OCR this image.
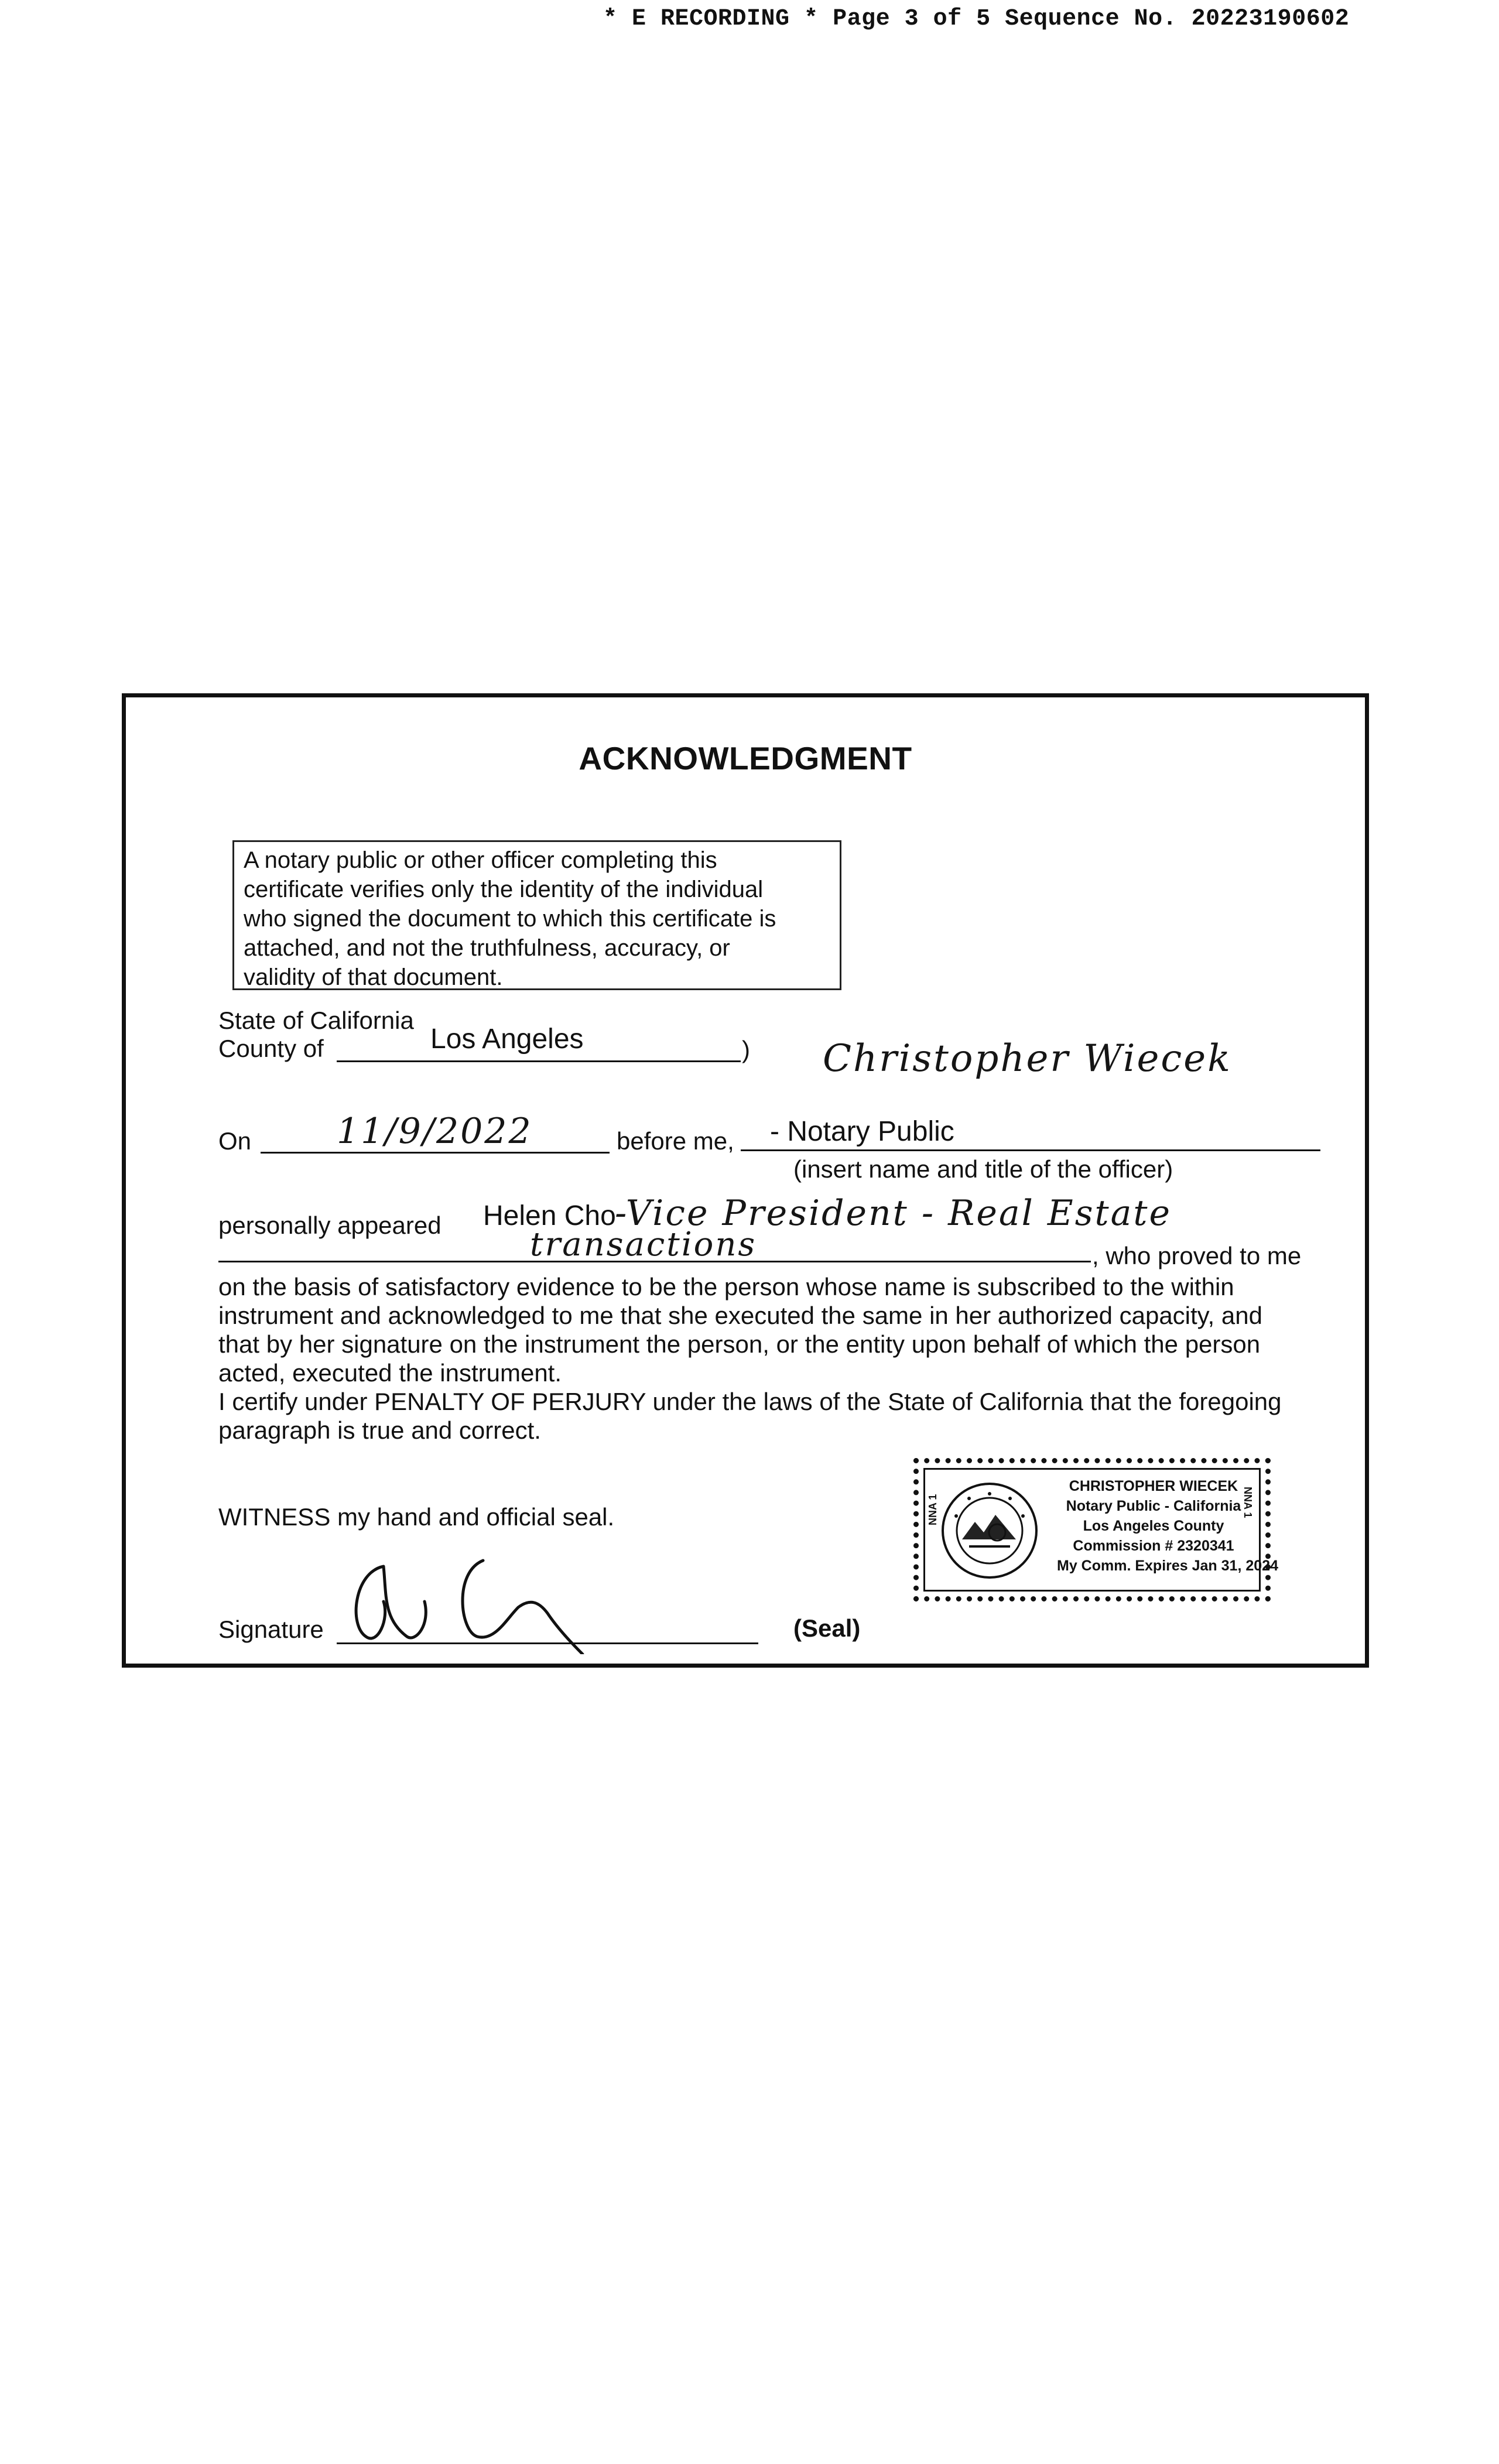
* E RECORDING * Page 3 of 5 Sequence No. 20223190602
ACKNOWLEDGMENT
A notary public or other officer completing this
certificate verifies only the identity of the individual
who signed the document to which this certificate is
attached, and not the truthfulness, accuracy, or
validity of that document.
State of California
County of	Los Angeles	) Christopher Wiecek
On 11/9/2022	before me, - Notary Public
(insert name and title of the officer)
personally appeared Helen Cho
-Vice President - Real Estate
transactions	, who proved to me
on the basis of satisfactory evidence to be the person whose name is subscribed to the within
instrument and acknowledged to me that she executed the same in her authorized capacity, and
that by her signature on the instrument the person, or the entity upon behalf of which the person
acted, executed the instrument.
I certify under PENALTY OF PERJURY under the laws of the State of California that the foregoing
paragraph is true and correct.
WITNESS my hand and official seal.
Signature	(Seal)
NNA 1	NNA 1
CHRISTOPHER WIECEK
Notary Public - California
Los Angeles County
Commission # 2320341
My Comm. Expires Jan 31, 2024
